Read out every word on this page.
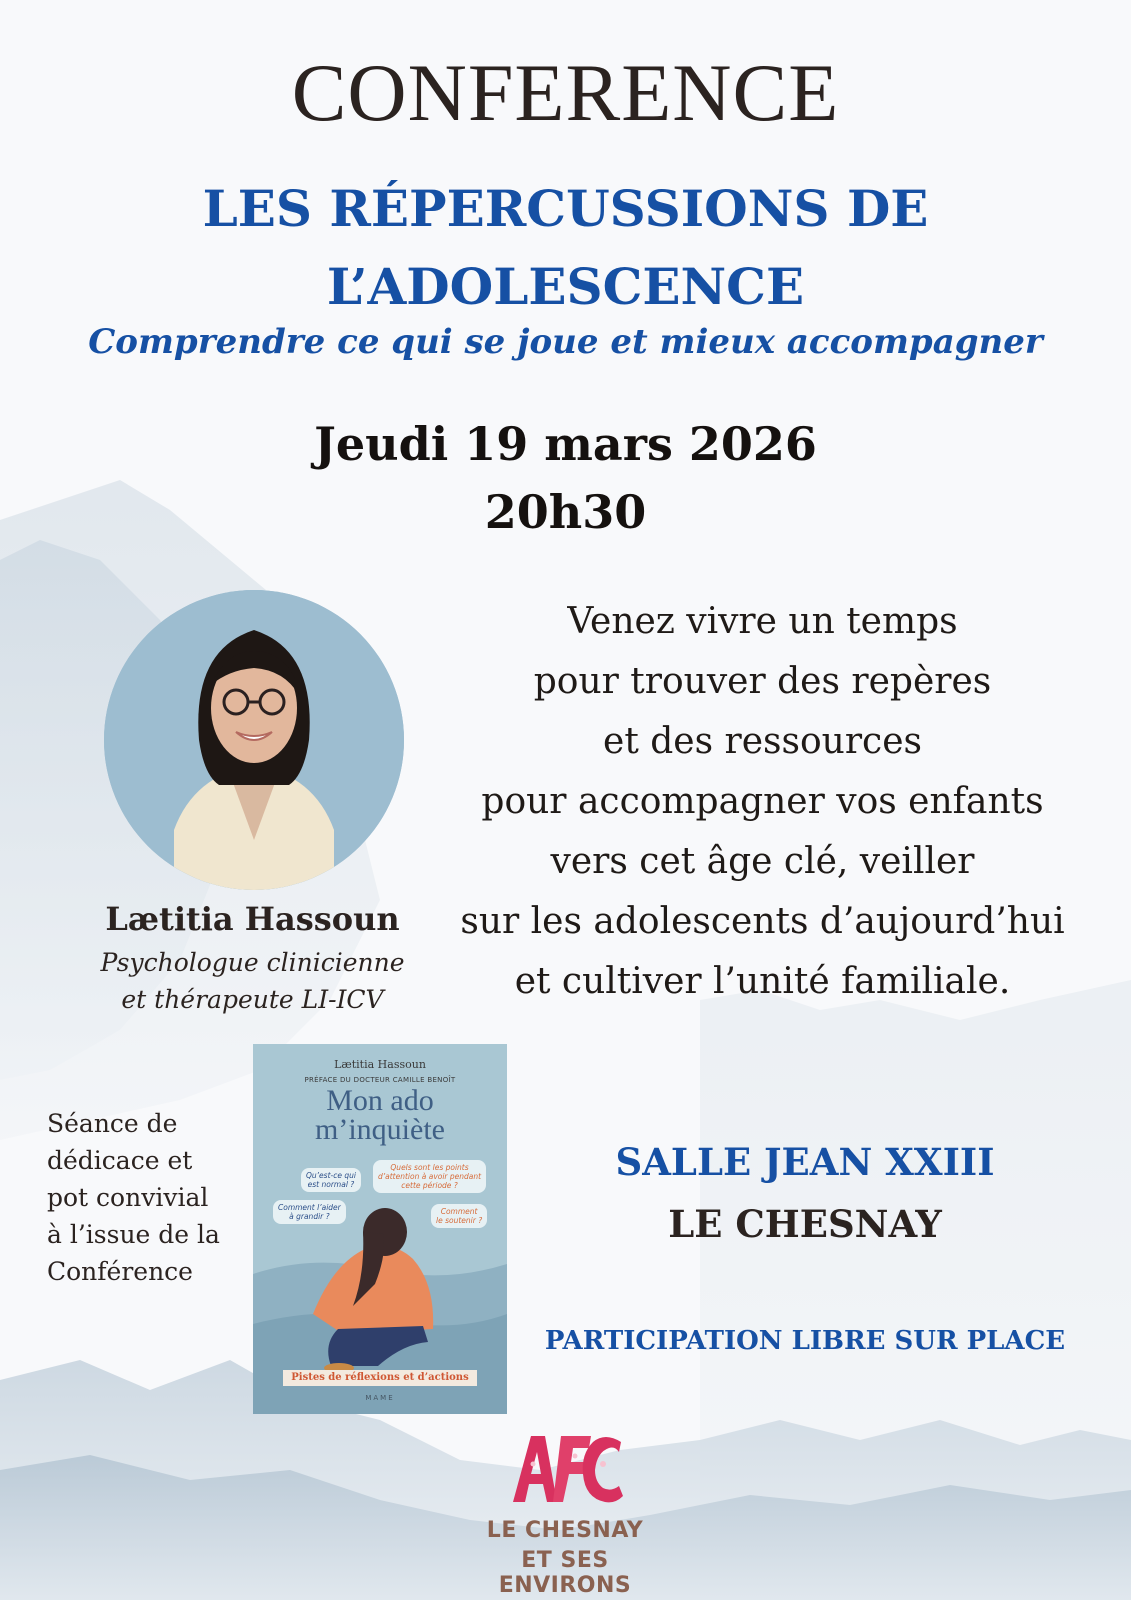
CONFERENCE
LES RÉPERCUSSIONS DE
L’ADOLESCENCE
Comprendre ce qui se joue et mieux accompagner
Jeudi 19 mars 2026
20h30
Lætitia Hassoun
Psychologue clinicienne
et thérapeute LI-ICV
Venez vivre un temps
pour trouver des repères
et des ressources
pour accompagner vos enfants
vers cet âge clé, veiller
sur les adolescents d’aujourd’hui
et cultiver l’unité familiale.
Séance de
dédicace et
pot convivial
à l’issue de la
Conférence
Lætitia Hassoun
PRÉFACE DU DOCTEUR CAMILLE BENOÎT
Mon ado
m’inquiète
Qu’est-ce qui
est normal ?
Quels sont les points
d’attention à avoir pendant
cette période ?
Comment l’aider
à grandir ?
Comment
le soutenir ?
Pistes de réflexions et d’actions
MAME
SALLE JEAN XXIII
LE CHESNAY
PARTICIPATION LIBRE SUR PLACE
LE CHESNAY
ET SES ENVIRONS
